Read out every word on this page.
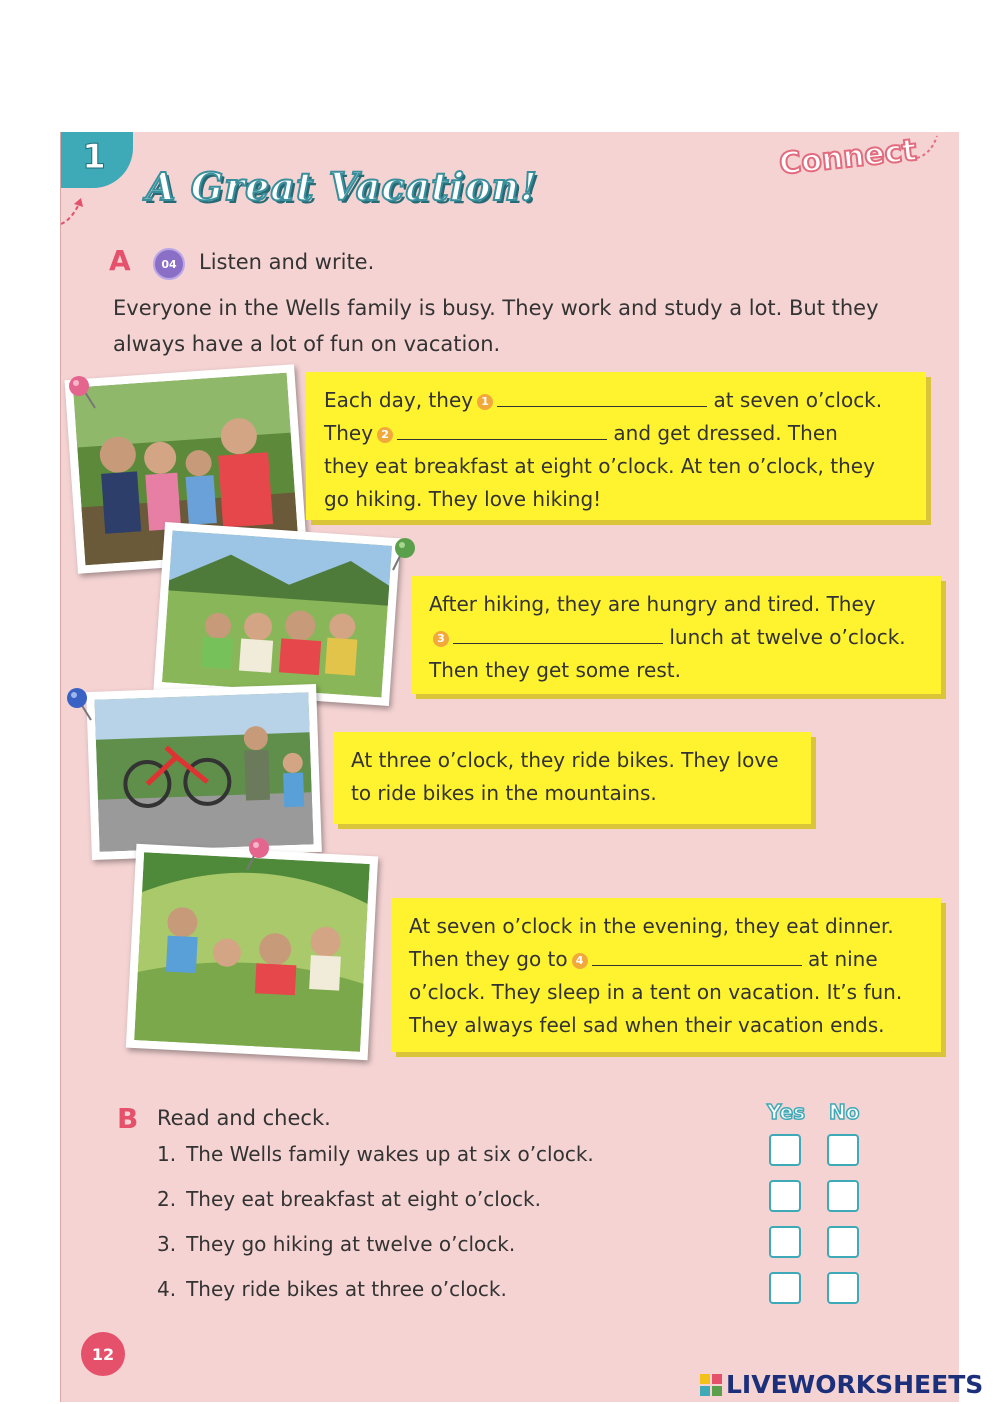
1
A Great Vacation!
Connect
A	04 Listen and write.
Everyone in the Wells family is busy. They work and study a lot. But they always have a lot of fun on vacation.
Each day, they 1	at seven o’clock.
They 2	and get dressed. Then
they eat breakfast at eight o’clock. At ten o’clock, they
go hiking. They love hiking!
After hiking, they are hungry and tired. They
3	lunch at twelve o’clock.
Then they get some rest.
At three o’clock, they ride bikes. They love
to ride bikes in the mountains.
At seven o’clock in the evening, they eat dinner.
Then they go to 4	at nine
o’clock. They sleep in a tent on vacation. It’s fun.
They always feel sad when their vacation ends.
B Read and check.	Yes No
1. The Wells family wakes up at six o’clock.
2. They eat breakfast at eight o’clock.
3. They go hiking at twelve o’clock.
4. They ride bikes at three o’clock.
12
LIVEWORKSHEETS
